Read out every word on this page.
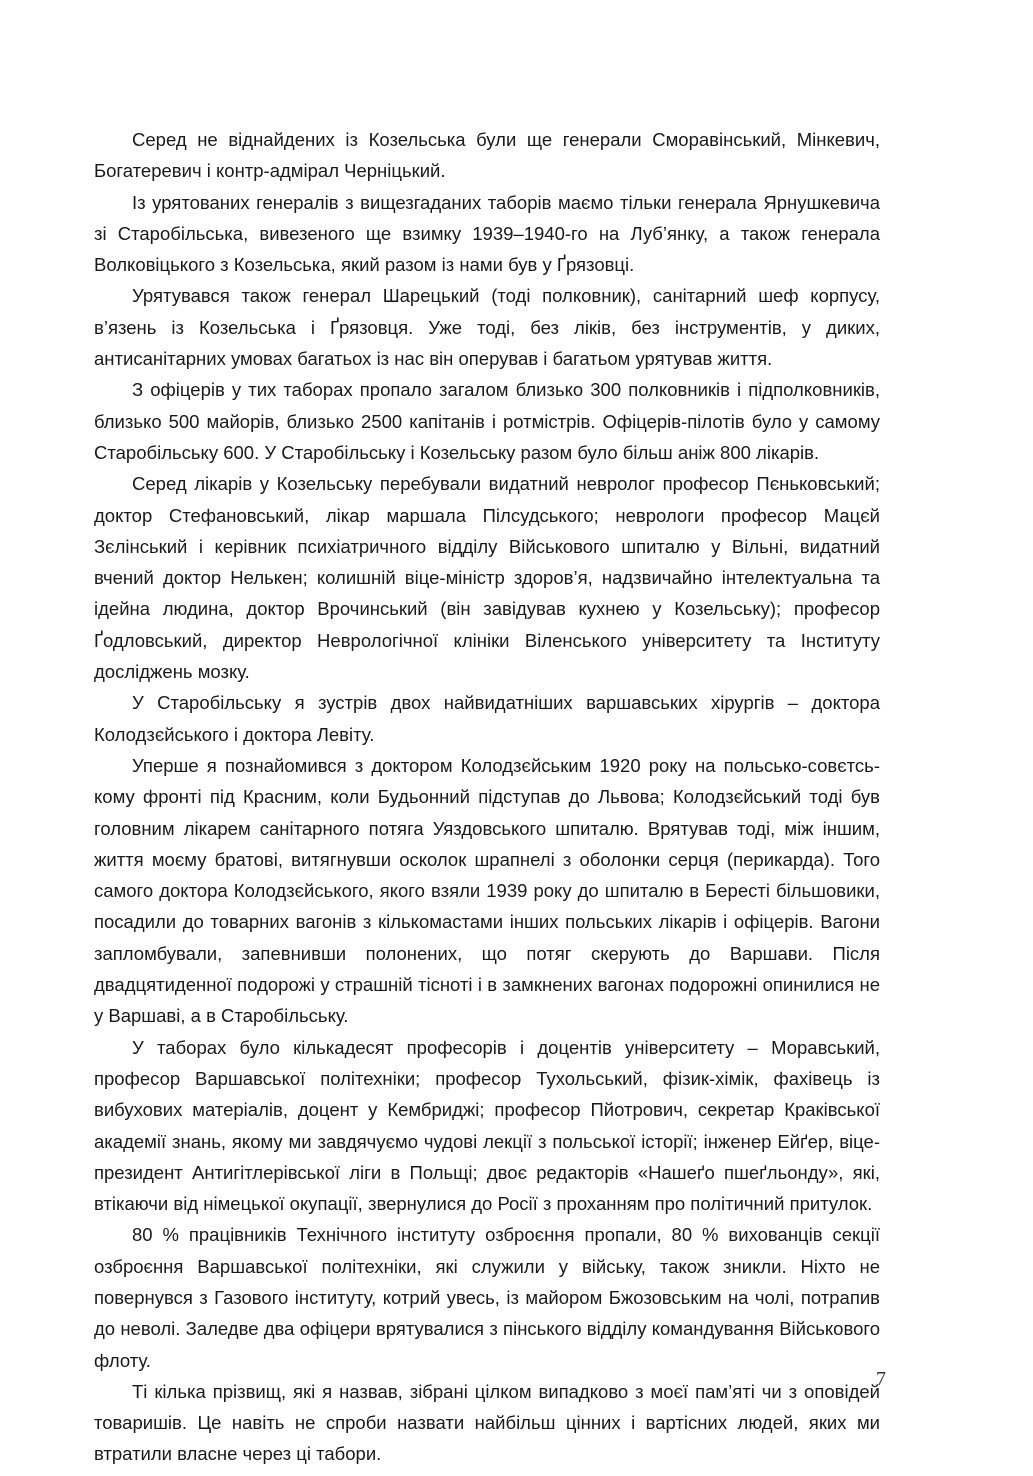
Серед не віднайдених із Козельська були ще генерали Сморавінський, Мінкевич, Богатеревич і контр-адмірал Черніцький.

Із урятованих генералів з вищезгаданих таборів маємо тільки генерала Ярнушкевича зі Старобільська, вивезеного ще взимку 1939–1940-го на Луб’янку, а також генерала Волковіцького з Козельська, який разом із нами був у Ґрязовці.

Урятувався також генерал Шарецький (тоді полковник), санітарний шеф корпусу, в’язень із Козельська і Ґрязовця. Уже тоді, без ліків, без інструментів, у диких, антисанітарних умовах багатьох із нас він оперував і багатьом урятував життя.

З офіцерів у тих таборах пропало загалом близько 300 полковників і підполковників, близько 500 майорів, близько 2500 капітанів і ротмістрів. Офіцерів-пілотів було у самому Старобільську 600. У Старобільську і Козельську разом було більш аніж 800 лікарів.

Серед лікарів у Козельську перебували видатний невролог професор Пєньковський; доктор Стефановський, лікар маршала Пілсудського; неврологи професор Мацєй Зєлінський і керівник психіатричного відділу Військового шпиталю у Вільні, видатний вчений доктор Нелькен; колишній віце-міністр здоров’я, надзвичайно інтелектуальна та ідейна людина, доктор Врочинський (він завідував кухнею у Козельську); професор Ґодловський, директор Неврологічної клініки Віленського університету та Інституту досліджень мозку.

У Старобільську я зустрів двох найвидатніших варшавських хірургів – доктора Колодзєйського і доктора Левіту.

Уперше я познайомився з доктором Колодзєйським 1920 року на польсько-совєтському фронті під Красним, коли Будьонний підступав до Львова; Колодзєйський тоді був головним лікарем санітарного потяга Уяздовського шпиталю. Врятував тоді, між іншим, життя моєму братові, витягнувши осколок шрапнелі з оболонки серця (перикарда). Того самого доктора Колодзєйського, якого взяли 1939 року до шпиталю в Бересті більшовики, посадили до товарних вагонів з кількомастами інших польських лікарів і офіцерів. Вагони запломбували, запевнивши полонених, що потяг скерують до Варшави. Після двадцятиденної подорожі у страшній тісноті і в замкнених вагонах подорожні опинилися не у Варшаві, а в Старобільську.

У таборах було кількадесят професорів і доцентів університету – Моравський, професор Варшавської політехніки; професор Тухольський, фізик-хімік, фахівець із вибухових матеріалів, доцент у Кембриджі; професор Пйотрович, секретар Краківської академії знань, якому ми завдячуємо чудові лекції з польської історії; інженер Ейґер, віце-президент Антигітлерівської ліги в Польщі; двоє редакторів «Нашеґо пшеґльонду», які, втікаючи від німецької окупації, звернулися до Росії з проханням про політичний притулок.

80 % працівників Технічного інституту озброєння пропали, 80 % вихованців секції озброєння Варшавської політехніки, які служили у війську, також зникли. Ніхто не повернувся з Газового інституту, котрий увесь, із майором Бжозовським на чолі, потрапив до неволі. Заледве два офіцери врятувалися з пінського відділу командування Військового флоту.

Ті кілька прізвищ, які я назвав, зібрані цілком випадково з моєї пам’яті чи з оповідей товаришів. Це навіть не спроби назвати найбільш цінних і вартісних людей, яких ми втратили власне через ці табори.

7
